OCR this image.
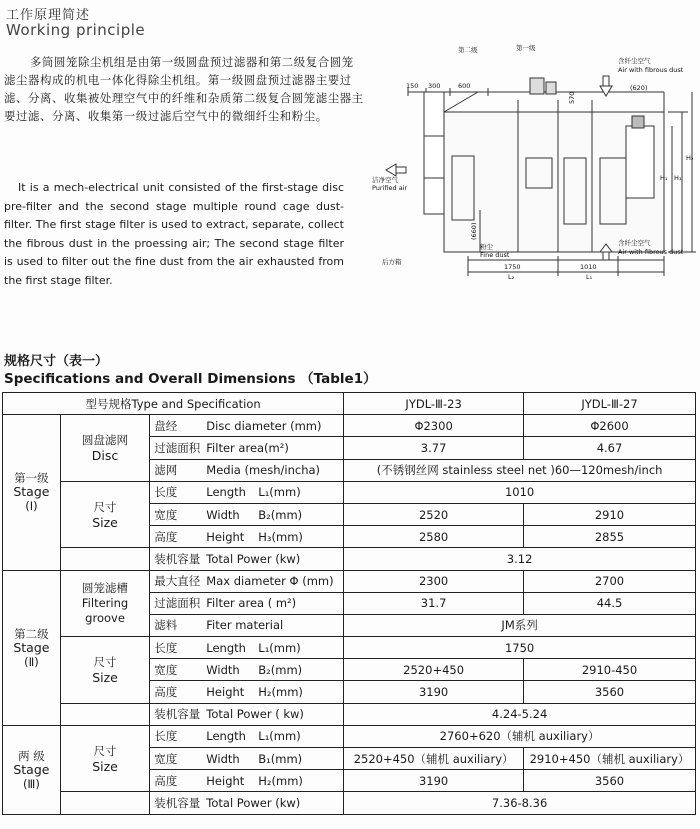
工作原理简述
Working principle

多筒圆笼除尘机组是由第一级圆盘预过滤器和第二级复合圆笼滤尘器构成的机电一体化得除尘机组。第一级圆盘预过滤器主要过滤、分离、收集被处理空气中的纤维和杂质第二级复合圆笼滤尘器主要过滤、分离、收集第一级过滤后空气中的微细纤尘和粉尘。

It is a mech-electrical unit consisted of the first-stage disc pre-filter and the second stage multiple round cage dust-filter. The first stage filter is used to extract, separate, collect the fibrous dust in the proessing air; The second stage filter is used to filter out the fine dust from the air exhausted from the first stage filter.

第二级	第一级
含纤尘空气
Air with fibrous dust
洁净空气
Purified air
粉尘
Fine dust
后方箱
含纤尘空气
Air with fibrous dust
150 300	600
570
(620)
(660)
1750	1010
L₂	L₁
H₁
H₂
H₃
规格尺寸（表一）
Specifications and Overall Dimensions （Table1）
型号规格Type and Specification			JYDL-Ⅲ-23	JYDL-Ⅲ-27

第一级
Stage
(Ⅰ)	圆盘滤网
Disc	盘经 Disc diameter (mm)	Φ2300	Φ2600
		过滤面积 Filter area(m²)	3.77	4.67
		滤网 Media (mesh/incha)	(不锈钢丝网 stainless steel net )60—120mesh/inch	

	尺寸
Size	长度 Length L₁(mm)	1010	
		宽度 Width B₂(mm)	2520	2910
		高度 Height H₃(mm)	2580	2855
		装机容量 Total Power (kw)	3.12	

第二级
Stage
(Ⅱ)	圆笼滤槽
Filtering
groove	最大直径 Max diameter Φ (mm)	2300	2700
		过滤面积 Filter area ( m²)	31.7	44.5
		滤料 Fiter material	JM系列	

	尺寸
Size	长度 Length L₁(mm)	1750	
		宽度 Width B₂(mm)	2520+450	2910-450
		高度 Height H₂(mm)	3190	3560
		装机容量 Total Power ( kw)	4.24-5.24	

两 级
Stage
(Ⅲ)	尺寸
Size	长度 Length L₁(mm)	2760+620（辅机 auxiliary）	
		宽度 Width B₁(mm)	2520+450（辅机 auxiliary）	2910+450（辅机 auxiliary）
		高度 Height H₂(mm)	3190	3560
		装机容量 Total Power (kw)	7.36-8.36	
